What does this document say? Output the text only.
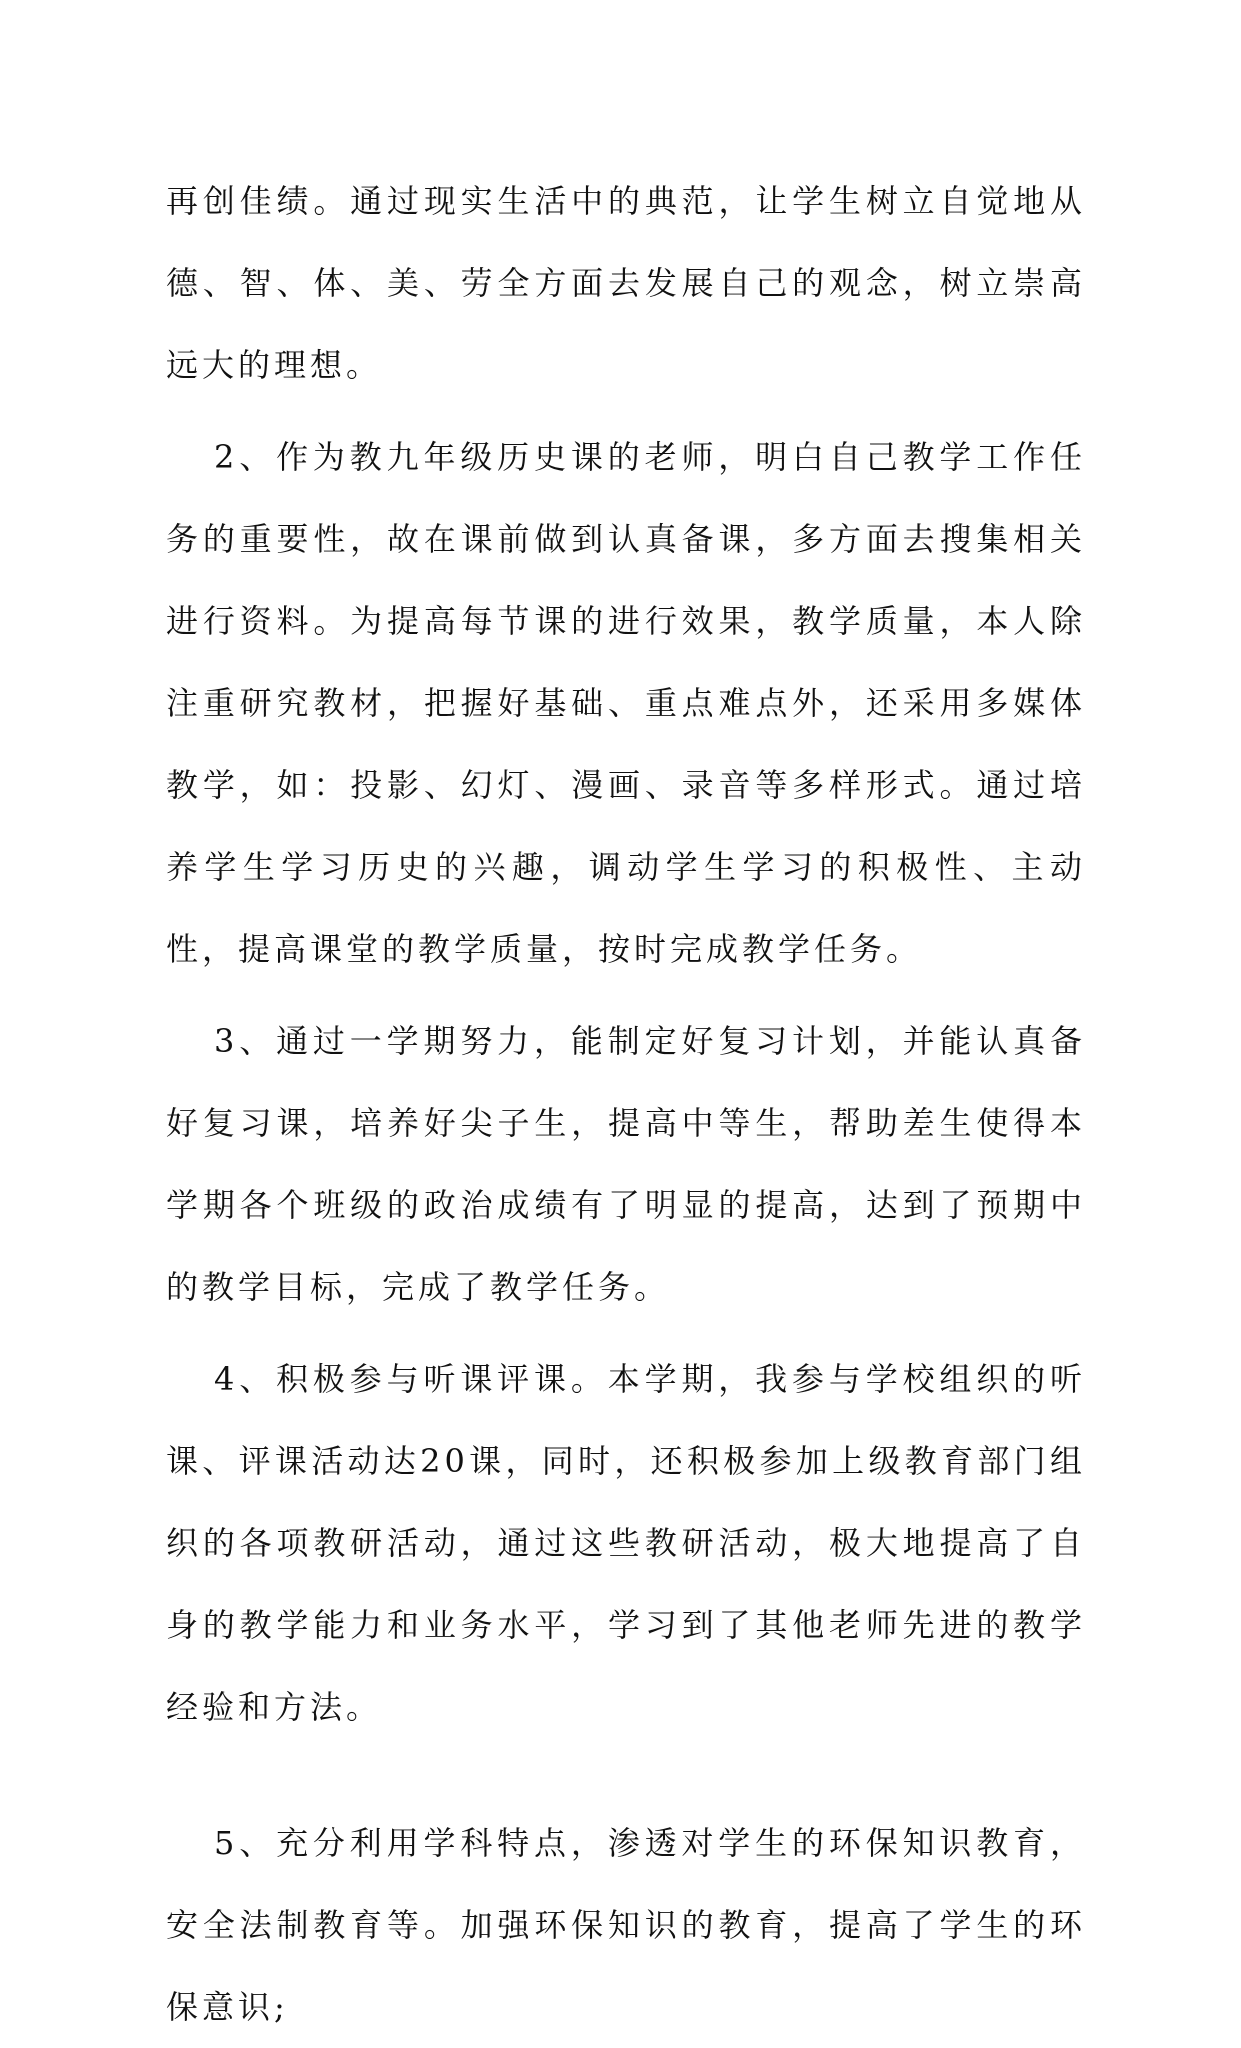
再创佳绩。通过现实生活中的典范，让学生树立自觉地从德、智、体、美、劳全方面去发展自己的观念，树立崇高远大的理想。

2、作为教九年级历史课的老师，明白自己教学工作任务的重要性，故在课前做到认真备课，多方面去搜集相关进行资料。为提高每节课的进行效果，教学质量，本人除注重研究教材，把握好基础、重点难点外，还采用多媒体教学，如：投影、幻灯、漫画、录音等多样形式。通过培养学生学习历史的兴趣，调动学生学习的积极性、主动性，提高课堂的教学质量，按时完成教学任务。

3、通过一学期努力，能制定好复习计划，并能认真备好复习课，培养好尖子生，提高中等生，帮助差生使得本学期各个班级的政治成绩有了明显的提高，达到了预期中的教学目标，完成了教学任务。

4、积极参与听课评课。本学期，我参与学校组织的听课、评课活动达20课，同时，还积极参加上级教育部门组织的各项教研活动，通过这些教研活动，极大地提高了自身的教学能力和业务水平，学习到了其他老师先进的教学经验和方法。

5、充分利用学科特点，渗透对学生的环保知识教育，安全法制教育等。加强环保知识的教育，提高了学生的环保意识;
